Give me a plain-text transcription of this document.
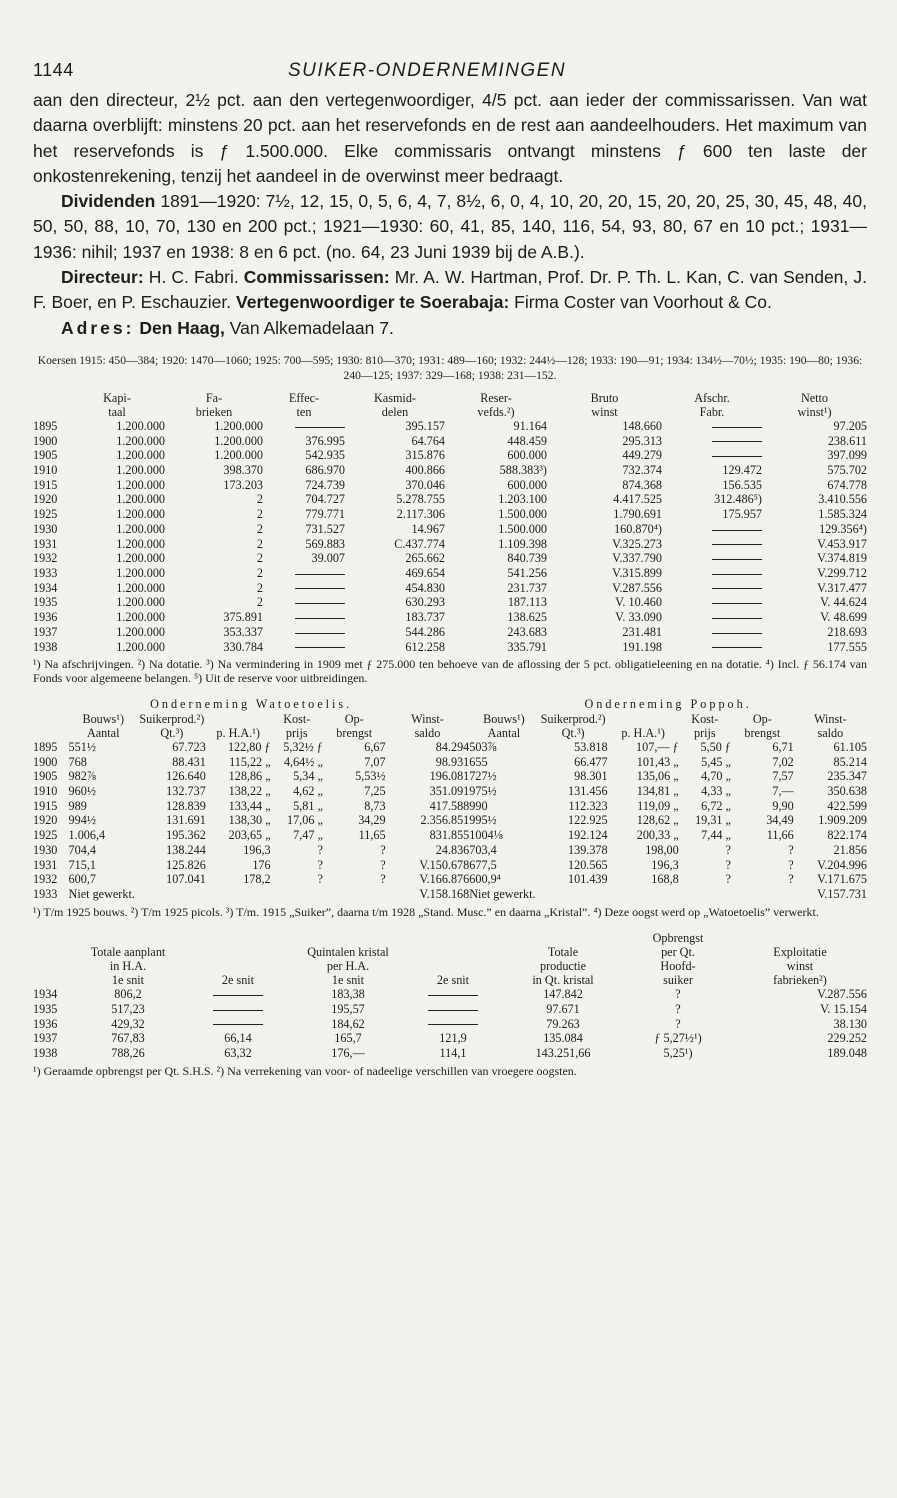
1144	SUIKER-ONDERNEMINGEN

aan den directeur, 2½ pct. aan den vertegenwoordiger, 4/5 pct. aan ieder der commissarissen. Van wat daarna overblijft: minstens 20 pct. aan het reservefonds en de rest aan aandeelhouders. Het maximum van het reservefonds is ƒ 1.500.000. Elke commissaris ontvangt minstens ƒ 600 ten laste der onkostenrekening, tenzij het aandeel in de overwinst meer bedraagt.

Dividenden 1891—1920: 7½, 12, 15, 0, 5, 6, 4, 7, 8½, 6, 0, 4, 10, 20, 20, 15, 20, 20, 25, 30, 45, 48, 40, 50, 50, 88, 10, 70, 130 en 200 pct.; 1921—1930: 60, 41, 85, 140, 116, 54, 93, 80, 67 en 10 pct.; 1931—1936: nihil; 1937 en 1938: 8 en 6 pct. (no. 64, 23 Juni 1939 bij de A.B.).

Directeur: H. C. Fabri. Commissarissen: Mr. A. W. Hartman, Prof. Dr. P. Th. L. Kan, C. van Senden, J. F. Boer, en P. Eschauzier. Vertegenwoordiger te Soerabaja: Firma Coster van Voorhout & Co.

Adres: Den Haag, Van Alkemadelaan 7.

Koersen 1915: 450—384; 1920: 1470—1060; 1925: 700—595; 1930: 810—370; 1931: 489—160; 1932: 244½—128; 1933: 190—91; 1934: 134½—70½; 1935: 190—80; 1936: 240—125; 1937: 329—168; 1938: 231—152.
	Kapi-	Fa-	Effec-	Kasmid-	Reser-	Bruto	Afschr.	Netto
	taal	brieken	ten	delen	vefds.²)	winst	Fabr.	winst¹)
1895	1.200.000	1.200.000		395.157	91.164	148.660		97.205
1900	1.200.000	1.200.000	376.995	64.764	448.459	295.313		238.611
1905	1.200.000	1.200.000	542.935	315.876	600.000	449.279		397.099
1910	1.200.000	398.370	686.970	400.866	588.383³)	732.374	129.472	575.702
1915	1.200.000	173.203	724.739	370.046	600.000	874.368	156.535	674.778
1920	1.200.000	2	704.727	5.278.755	1.203.100	4.417.525	312.486⁵)	3.410.556
1925	1.200.000	2	779.771	2.117.306	1.500.000	1.790.691	175.957	1.585.324
1930	1.200.000	2	731.527	14.967	1.500.000	160.870⁴)		129.356⁴)
1931	1.200.000	2	569.883	C.437.774	1.109.398	V.325.273		V.453.917
1932	1.200.000	2	39.007	265.662	840.739	V.337.790		V.374.819
1933	1.200.000	2		469.654	541.256	V.315.899		V.299.712
1934	1.200.000	2		454.830	231.737	V.287.556		V.317.477
1935	1.200.000	2		630.293	187.113	V. 10.460		V. 44.624
1936	1.200.000	375.891		183.737	138.625	V. 33.090		V. 48.699
1937	1.200.000	353.337		544.286	243.683	231.481		218.693
1938	1.200.000	330.784		612.258	335.791	191.198		177.555
¹) Na afschrijvingen. ²) Na dotatie. ³) Na vermindering in 1909 met ƒ 275.000 ten behoeve van de aflossing der 5 pct. obligatieleening en na dotatie. ⁴) Incl. ƒ 56.174 van Fonds voor algemeene belangen. ⁵) Uit de reserve voor uitbreidingen.
Onderneming Watoetoelis.							Onderneming Poppoh.					
	Bouws¹)	Suikerprod.²)		Kost-	Op-	Winst-	Bouws¹)	Suikerprod.²)		Kost-	Op-	Winst-
	Aantal	Qt.³)	p. H.A.¹)	prijs	brengst	saldo	Aantal	Qt.³)	p. H.A.¹)	prijs	brengst	saldo
1895	551½	67.723	122,80 ƒ	5,32½ ƒ	6,67	84.294	503⅞	53.818	107,— ƒ	5,50 ƒ	6,71	61.105
1900	768	88.431	115,22 „	4,64½ „	7,07	98.931	655	66.477	101,43 „	5,45 „	7,02	85.214
1905	982⅞	126.640	128,86 „	5,34 „	5,53½	196.081	727½	98.301	135,06 „	4,70 „	7,57	235.347
1910	960½	132.737	138,22 „	4,62 „	7,25	351.091	975½	131.456	134,81 „	4,33 „	7,—	350.638
1915	989	128.839	133,44 „	5,81 „	8,73	417.588	990	112.323	119,09 „	6,72 „	9,90	422.599
1920	994½	131.691	138,30 „	17,06 „	34,29	2.356.851	995½	122.925	128,62 „	19,31 „	34,49	1.909.209
1925	1.006,4	195.362	203,65 „	7,47 „	11,65	831.855	1004⅛	192.124	200,33 „	7,44 „	11,66	822.174
1930	704,4	138.244	196,3	?	?	24.836	703,4	139.378	198,00	?	?	21.856
1931	715,1	125.826	176	?	?	V.150.678	677,5	120.565	196,3	?	?	V.204.996
1932	600,7	107.041	178,2	?	?	V.166.876	600,9⁴	101.439	168,8	?	?	V.171.675
1933	Niet gewerkt.					V.158.168	Niet gewerkt.					V.157.731
¹) T/m 1925 bouws. ²) T/m 1925 picols. ³) T/m. 1915 „Suiker”, daarna t/m 1928 „Stand. Musc.” en daarna „Kristal”. ⁴) Deze oogst werd op „Watoetoelis” verwerkt.
						Opbrengst	
	Totale aanplant		Quintalen kristal		Totale	per Qt.	Exploitatie
	in H.A.		per H.A.		productie	Hoofd-	winst
	1e snit	2e snit	1e snit	2e snit	in Qt. kristal	suiker	fabrieken²)
1934	806,2		183,38		147.842	?	V.287.556
1935	517,23		195,57		97.671	?	V. 15.154
1936	429,32		184,62		79.263	?	38.130
1937	767,83	66,14	165,7	121,9	135.084	ƒ 5,27½¹)	229.252
1938	788,26	63,32	176,—	114,1	143.251,66	5,25¹)	189.048
¹) Geraamde opbrengst per Qt. S.H.S. ²) Na verrekening van voor- of nadeelige verschillen van vroegere oogsten.
